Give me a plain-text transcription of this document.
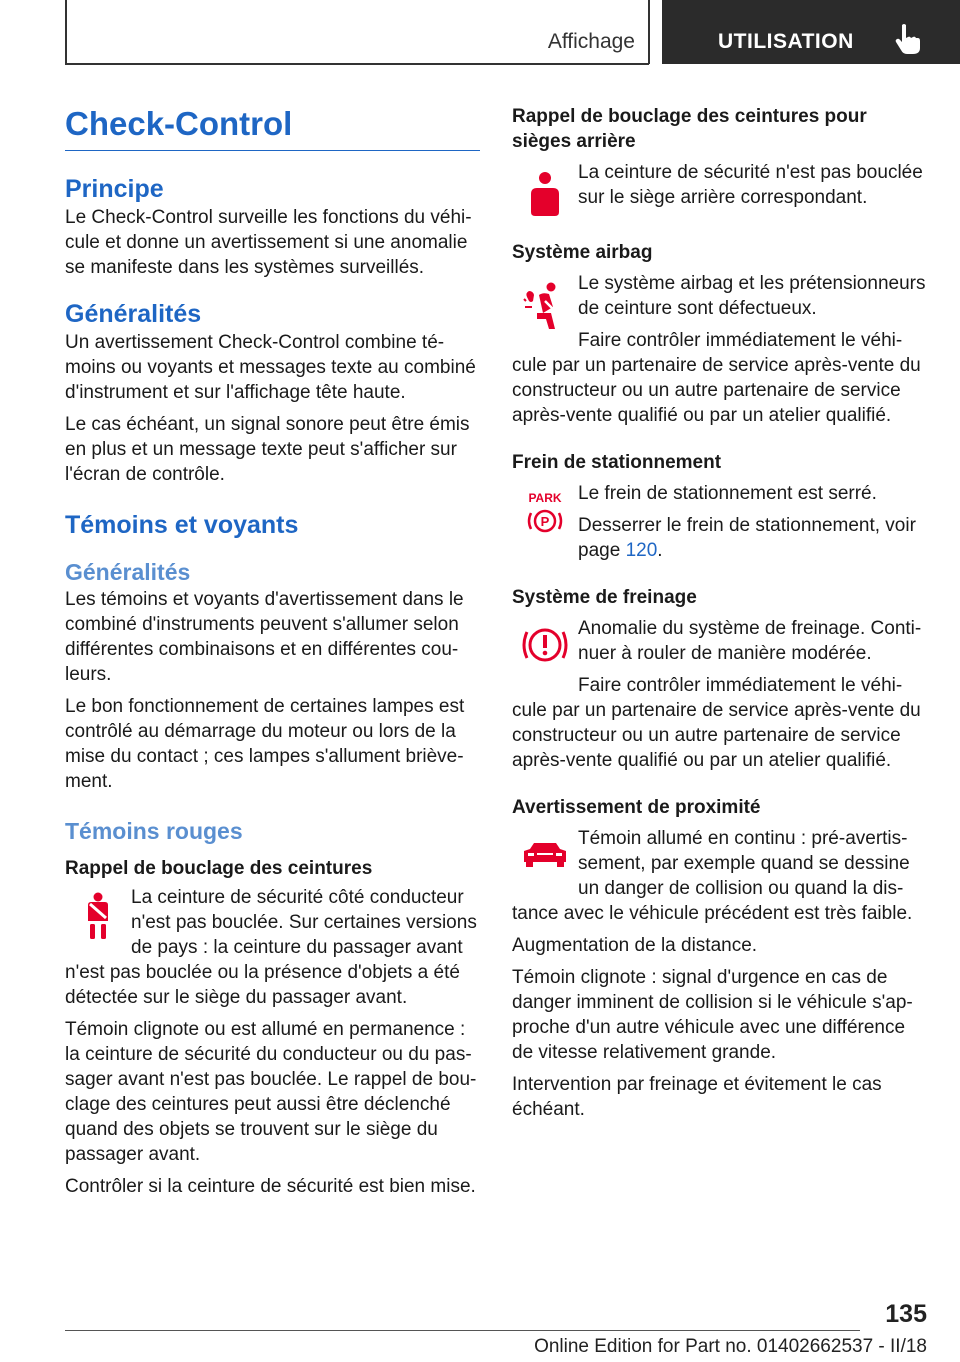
Affichage	UTILISATION
Check-Control
Principe

Le Check-Control surveille les fonctions du véhi-cule et donne un avertissement si une anomalie se manifeste dans les systèmes surveillés.

Généralités

Un avertissement Check-Control combine té-moins ou voyants et messages texte au combiné d'instrument et sur l'affichage tête haute.

Le cas échéant, un signal sonore peut être émis en plus et un message texte peut s'afficher sur l'écran de contrôle.

Témoins et voyants
Généralités

Les témoins et voyants d'avertissement dans le combiné d'instruments peuvent s'allumer selon différentes combinaisons et en différentes cou-leurs.

Le bon fonctionnement de certaines lampes est contrôlé au démarrage du moteur ou lors de la mise du contact ; ces lampes s'allument briève-ment.

Témoins rouges
Rappel de bouclage des ceintures

La ceinture de sécurité côté conducteur n'est pas bouclée. Sur certaines versions de pays : la ceinture du passager avant

n'est pas bouclée ou la présence d'objets a été détectée sur le siège du passager avant.

Témoin clignote ou est allumé en permanence : la ceinture de sécurité du conducteur ou du pas-sager avant n'est pas bouclée. Le rappel de bou-clage des ceintures peut aussi être déclenché quand des objets se trouvent sur le siège du passager avant.

Contrôler si la ceinture de sécurité est bien mise.

Rappel de bouclage des ceintures pour sièges arrière

La ceinture de sécurité n'est pas bouclée sur le siège arrière correspondant.

Système airbag

Le système airbag et les prétensionneurs de ceinture sont défectueux.

Faire contrôler immédiatement le véhi-

cule par un partenaire de service après-vente du constructeur ou un autre partenaire de service après-vente qualifié ou par un atelier qualifié.

Frein de stationnement
PARK
P

Le frein de stationnement est serré.

Desserrer le frein de stationnement, voir page 120.

Système de freinage

Anomalie du système de freinage. Conti-nuer à rouler de manière modérée.

Faire contrôler immédiatement le véhi-

cule par un partenaire de service après-vente du constructeur ou un autre partenaire de service après-vente qualifié ou par un atelier qualifié.

Avertissement de proximité

Témoin allumé en continu : pré-avertis-sement, par exemple quand se dessine un danger de collision ou quand la dis-

tance avec le véhicule précédent est très faible.

Augmentation de la distance.

Témoin clignote : signal d'urgence en cas de danger imminent de collision si le véhicule s'ap-proche d'un autre véhicule avec une différence de vitesse relativement grande.

Intervention par freinage et évitement le cas échéant.

135
Online Edition for Part no. 01402662537 - II/18
